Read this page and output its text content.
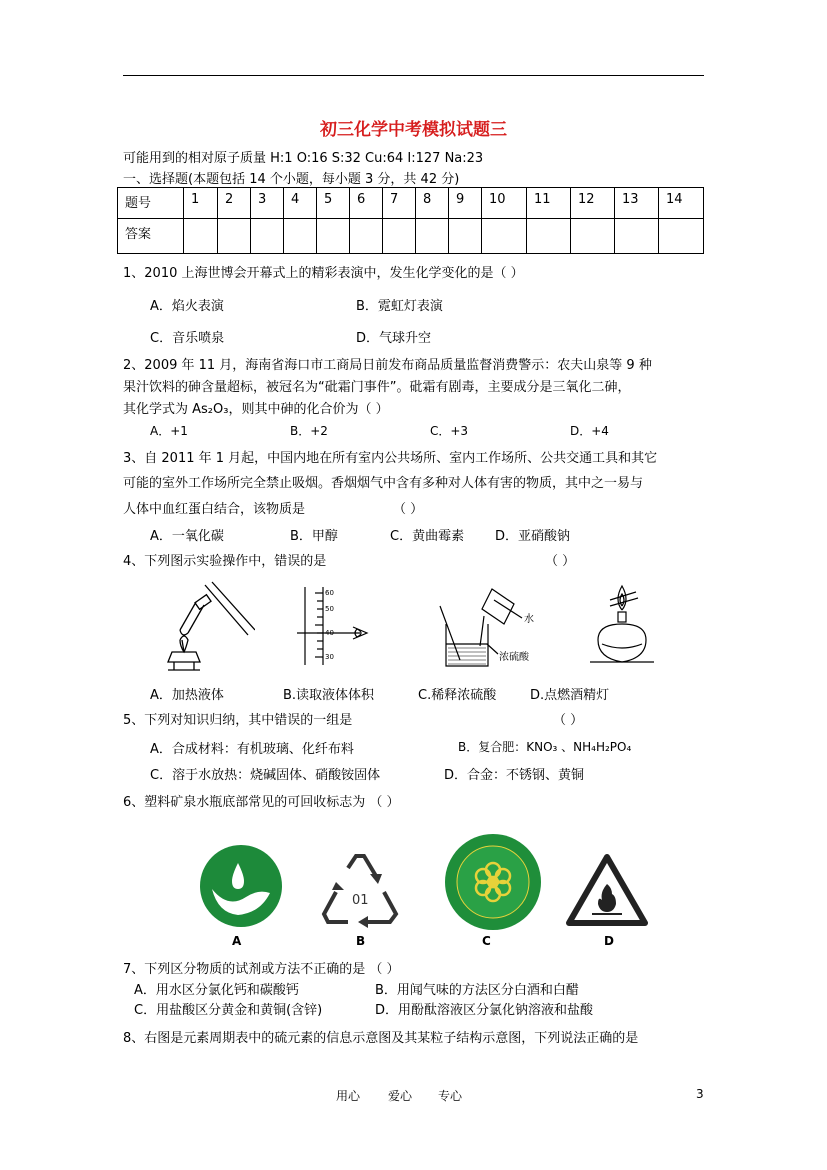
初三化学中考模拟试题三
可能用到的相对原子质量 H:1 O:16 S:32 Cu:64 I:127 Na:23
一、选择题(本题包括 14 个小题，每小题 3 分，共 42 分)
题号	1	2	3	4	5	6	7	8	9	10	11	12	13	14
答案														
1、2010 上海世博会开幕式上的精彩表演中，发生化学变化的是（ ）
A．焰火表演	B．霓虹灯表演
C．音乐喷泉	D．气球升空
2、2009 年 11 月，海南省海口市工商局日前发布商品质量监督消费警示：农夫山泉等 9 种
果汁饮料的砷含量超标，被冠名为“砒霜门事件”。砒霜有剧毒，主要成分是三氧化二砷，
其化学式为 As₂O₃，则其中砷的化合价为（ ）
A．+1	B．+2	C．+3	D．+4
3、自 2011 年 1 月起，中国内地在所有室内公共场所、室内工作场所、公共交通工具和其它
可能的室外工作场所完全禁止吸烟。香烟烟气中含有多种对人体有害的物质，其中之一易与
人体中血红蛋白结合，该物质是	（ ）
A．一氧化碳	B．甲醇	C．黄曲霉素 D．亚硝酸钠
4、下列图示实验操作中，错误的是	（ ）
60
50
40
30
水
浓硫酸
A．加热液体	B.读取液体体积	C.稀释浓硫酸	D.点燃酒精灯
5、下列对知识归纳，其中错误的一组是	（ ）
A．合成材料：有机玻璃、化纤布料	B．复合肥：KNO₃ 、NH₄H₂PO₄
C．溶于水放热：烧碱固体、硝酸铵固体	D．合金：不锈钢、黄铜
6、塑料矿泉水瓶底部常见的可回收标志为 （ ）
A
01
B	C	D
7、下列区分物质的试剂或方法不正确的是 （ ）
A．用水区分氯化钙和碳酸钙	B．用闻气味的方法区分白酒和白醋
C．用盐酸区分黄金和黄铜(含锌)	D．用酚酞溶液区分氯化钠溶液和盐酸
8、右图是元素周期表中的硫元素的信息示意图及其某粒子结构示意图，下列说法正确的是
用心 爱心 专心	3
